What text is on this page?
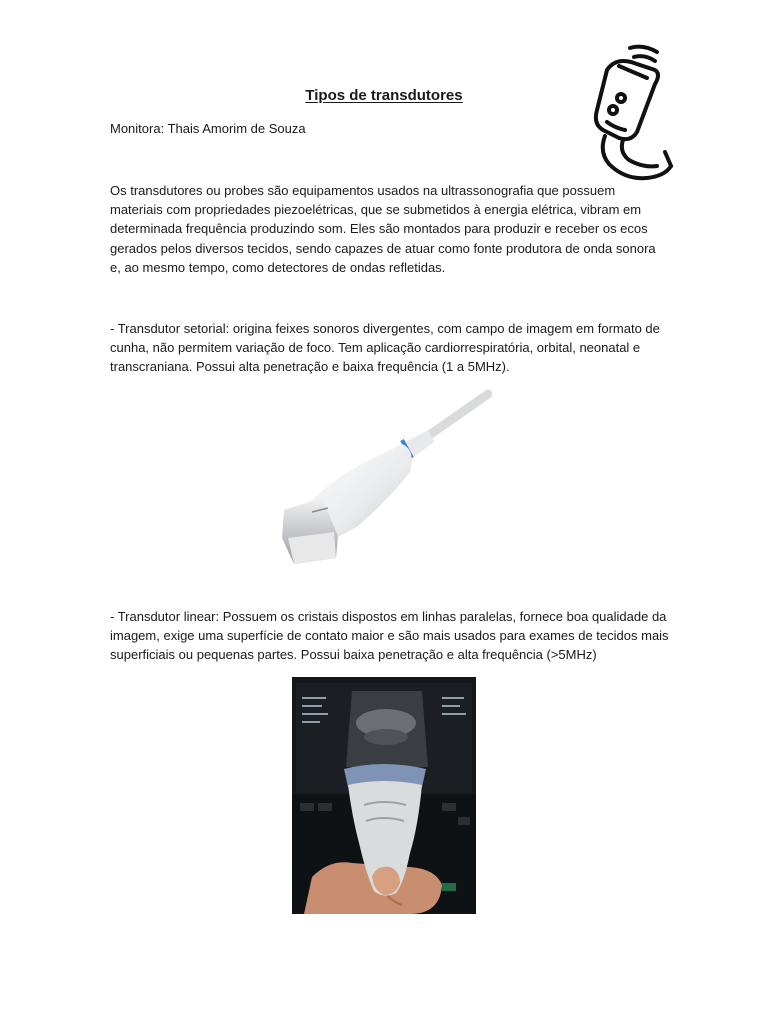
Tipos de transdutores
Monitora: Thais Amorim de Souza
Os transdutores ou probes são equipamentos usados na ultrassonografia que possuem materiais com propriedades piezoelétricas, que se submetidos à energia elétrica, vibram em determinada frequência produzindo som. Eles são montados para produzir e receber os ecos gerados pelos diversos tecidos, sendo capazes de atuar como fonte produtora de onda sonora e, ao mesmo tempo, como detectores de ondas refletidas.
- Transdutor setorial: origina feixes sonoros divergentes, com campo de imagem em formato de cunha, não permitem variação de foco. Tem aplicação cardiorrespiratória, orbital, neonatal e transcraniana. Possui alta penetração e baixa frequência (1 a 5MHz).
- Transdutor linear: Possuem os cristais dispostos em linhas paralelas, fornece boa qualidade da imagem, exige uma superfície de contato maior e são mais usados para exames de tecidos mais superficiais ou pequenas partes. Possui baixa penetração e alta frequência (>5MHz)
